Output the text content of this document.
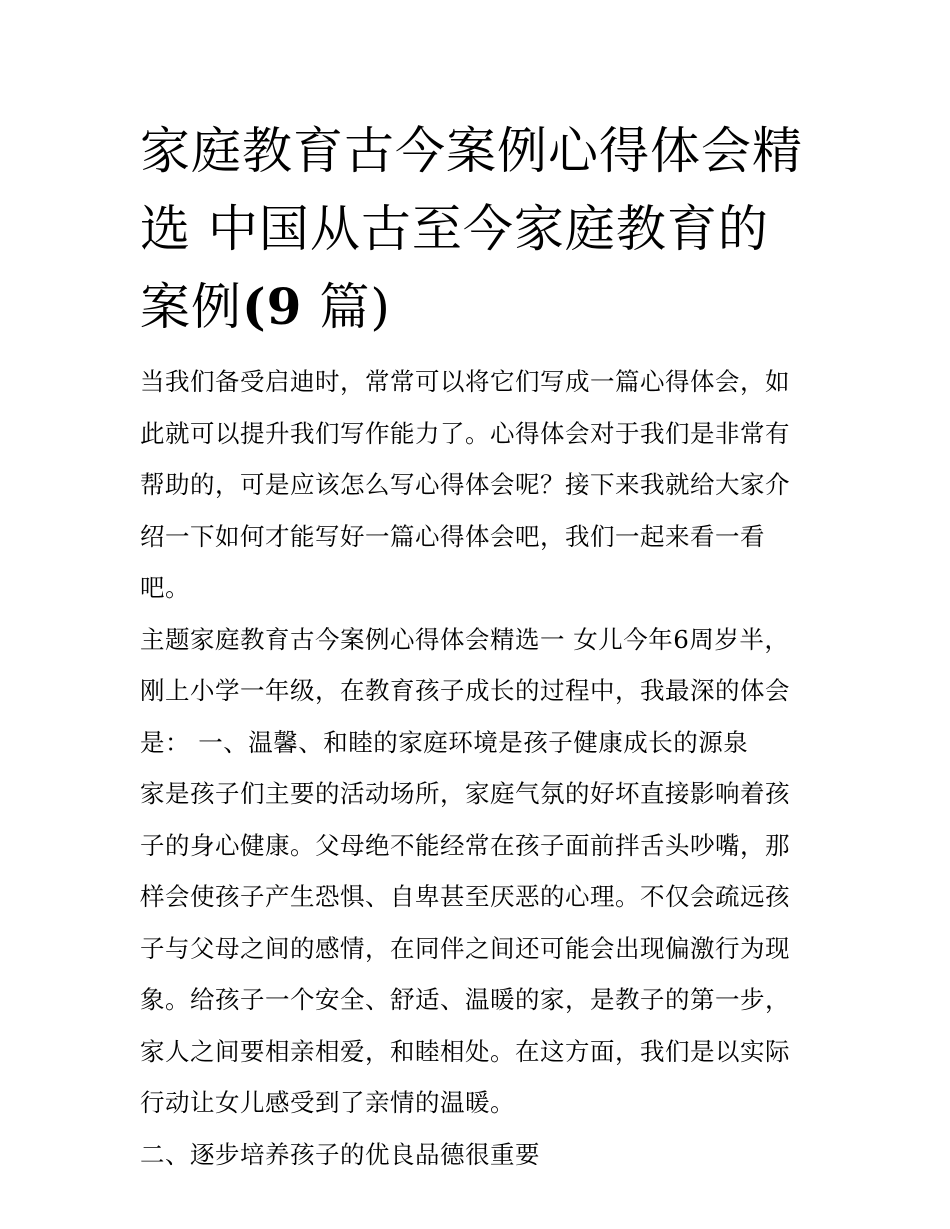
家庭教育古今案例心得体会精选 中国从古至今家庭教育的案例(9 篇)

当我们备受启迪时，常常可以将它们写成一篇心得体会，如此就可以提升我们写作能力了。心得体会对于我们是非常有帮助的，可是应该怎么写心得体会呢？接下来我就给大家介绍一下如何才能写好一篇心得体会吧，我们一起来看一看吧。

主题家庭教育古今案例心得体会精选一 女儿今年6周岁半，刚上小学一年级，在教育孩子成长的过程中，我最深的体会是： 一、温馨、和睦的家庭环境是孩子健康成长的源泉

家是孩子们主要的活动场所，家庭气氛的好坏直接影响着孩子的身心健康。父母绝不能经常在孩子面前拌舌头吵嘴，那样会使孩子产生恐惧、自卑甚至厌恶的心理。不仅会疏远孩子与父母之间的感情，在同伴之间还可能会出现偏激行为现象。给孩子一个安全、舒适、温暖的家，是教子的第一步，家人之间要相亲相爱，和睦相处。在这方面，我们是以实际行动让女儿感受到了亲情的温暖。

二、逐步培养孩子的优良品德很重要
